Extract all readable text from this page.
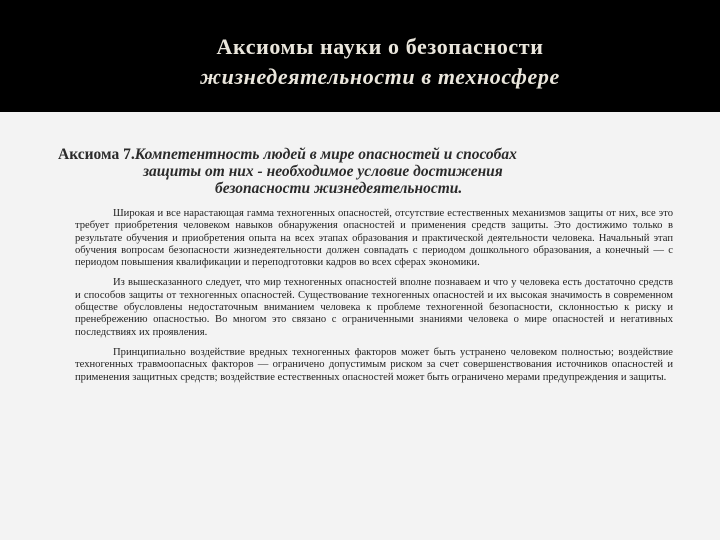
Аксиомы науки о безопасности
жизнедеятельности в техносфере
Аксиома 7.Компетентность людей в мире опасностей и способах
защиты от них - необходимое условие достижения
безопасности жизнедеятельности.

Широкая и все нарастающая гамма техногенных опасностей, отсутствие естественных механизмов защиты от них, все это требует приобретения человеком навыков обнаружения опасностей и применения средств защиты. Это достижимо только в результате обучения и приобретения опыта на всех этапах образования и практической деятельности человека. Начальный этап обучения вопросам безопасности жизнедеятельности должен совпадать с периодом дошкольного образования, а конечный — с периодом повышения квалификации и переподготовки кадров во всех сферах экономики.

Из вышесказанного следует, что мир техногенных опасностей вполне познаваем и что у человека есть достаточно средств и способов защиты от техногенных опасностей. Существование техногенных опасностей и их высокая значимость в современном обществе обусловлены недостаточным вниманием человека к проблеме техногенной безопасности, склонностью к риску и пренебрежению опасностью. Во многом это связано с ограниченными знаниями человека о мире опасностей и негативных последствиях их проявления.

Принципиально воздействие вредных техногенных факторов может быть устранено человеком полностью; воздействие техногенных травмоопасных факторов — ограничено допустимым риском за счет совершенствования источников опасностей и применения защитных средств; воздействие естественных опасностей может быть ограничено мерами предупреждения и защиты.
